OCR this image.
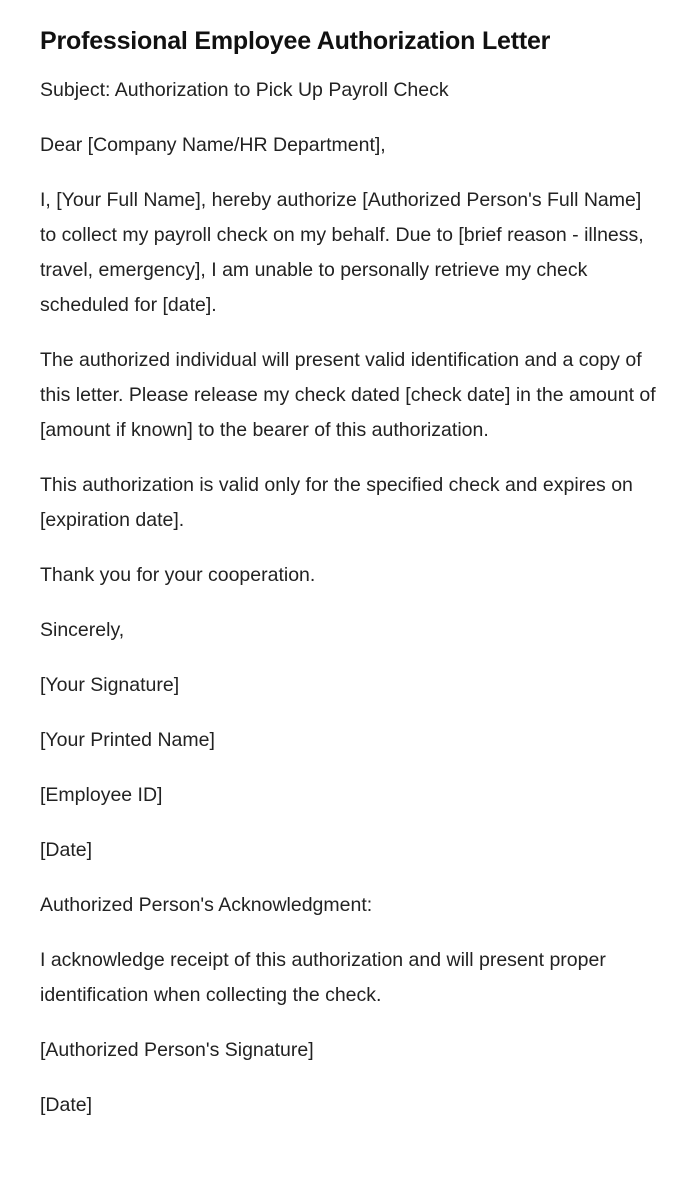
Professional Employee Authorization Letter

Subject: Authorization to Pick Up Payroll Check

Dear [Company Name/HR Department],

I, [Your Full Name], hereby authorize [Authorized Person's Full Name] to collect my payroll check on my behalf. Due to [brief reason - illness, travel, emergency], I am unable to personally retrieve my check scheduled for [date].

The authorized individual will present valid identification and a copy of this letter. Please release my check dated [check date] in the amount of [amount if known] to the bearer of this authorization.

This authorization is valid only for the specified check and expires on [expiration date].

Thank you for your cooperation.

Sincerely,

[Your Signature]

[Your Printed Name]

[Employee ID]

[Date]

Authorized Person's Acknowledgment:

I acknowledge receipt of this authorization and will present proper identification when collecting the check.

[Authorized Person's Signature]

[Date]
